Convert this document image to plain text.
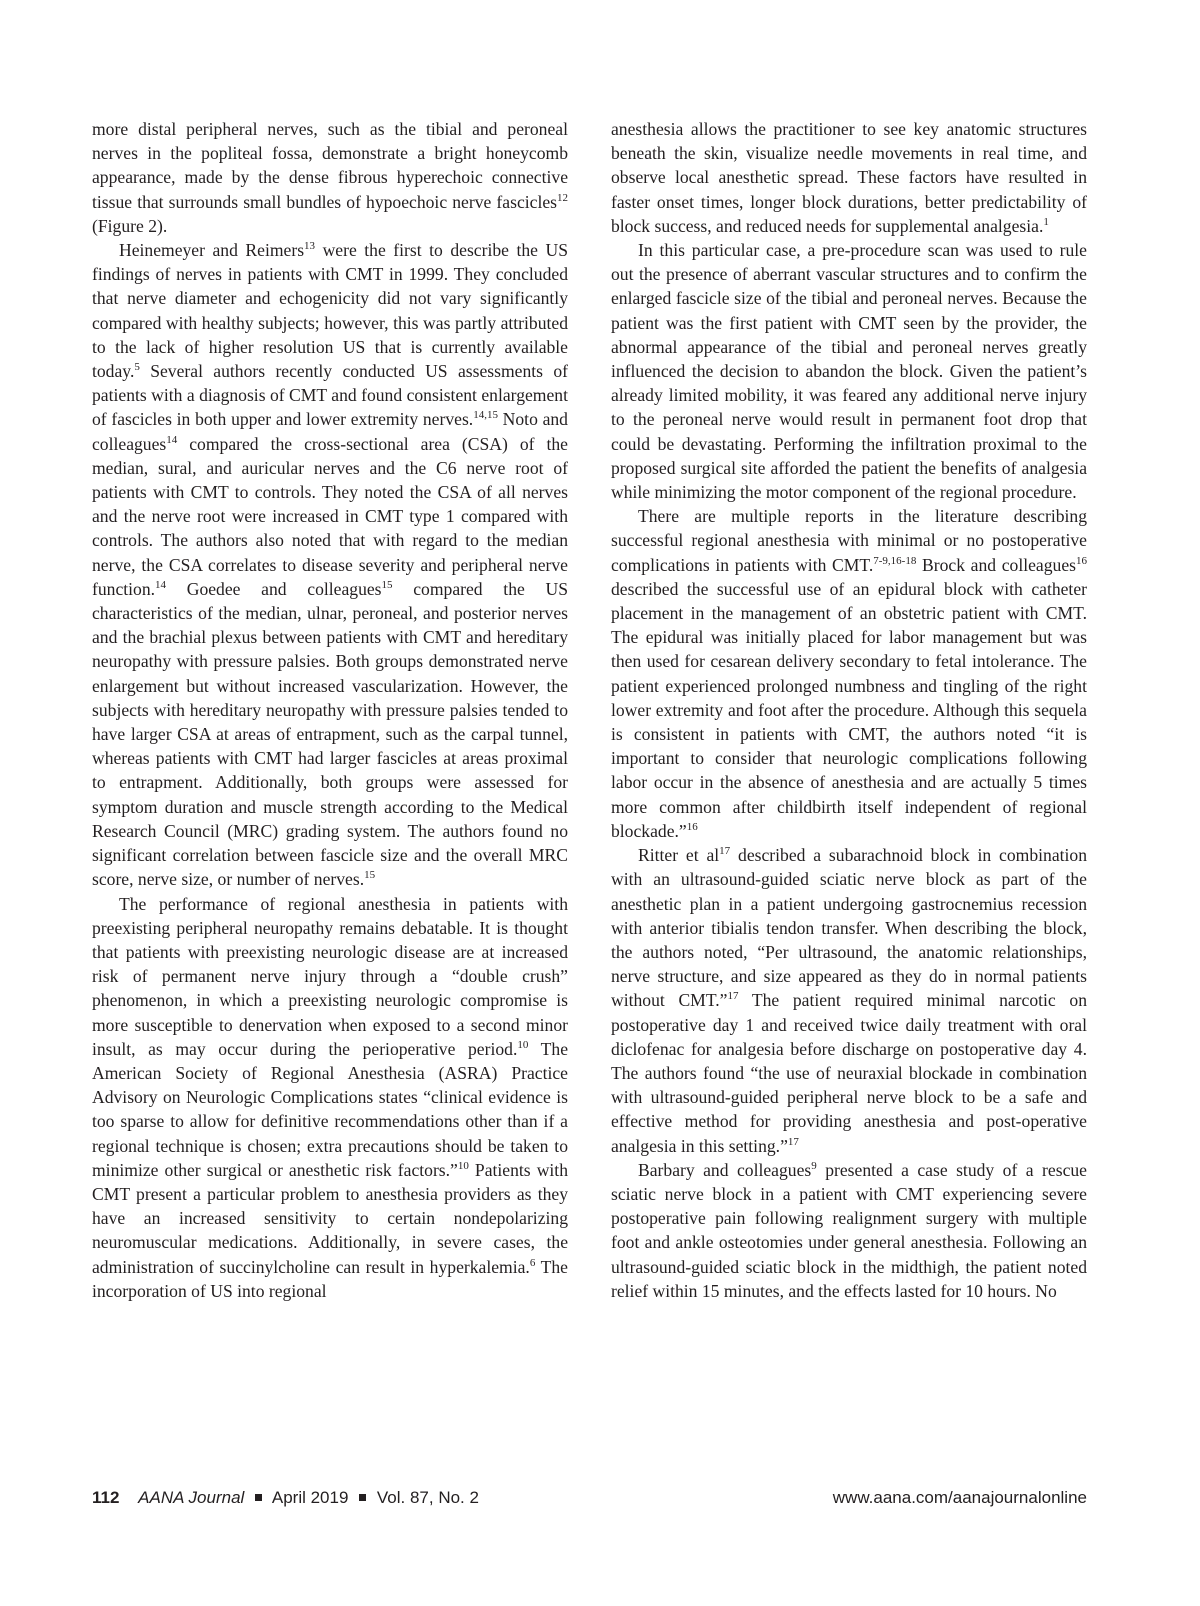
more distal peripheral nerves, such as the tibial and peroneal nerves in the popliteal fossa, demonstrate a bright honeycomb appearance, made by the dense fibrous hyperechoic connective tissue that surrounds small bundles of hypoechoic nerve fascicles$^{12}$ (Figure 2).

Heinemeyer and Reimers$^{13}$ were the first to describe the US findings of nerves in patients with CMT in 1999. They concluded that nerve diameter and echogenicity did not vary significantly compared with healthy subjects; however, this was partly attributed to the lack of higher resolution US that is currently available today.$^5$ Several authors recently conducted US assessments of patients with a diagnosis of CMT and found consistent enlargement of fascicles in both upper and lower extremity nerves.$^{14,15}$ Noto and colleagues$^{14}$ compared the cross-sectional area (CSA) of the median, sural, and auricular nerves and the C6 nerve root of patients with CMT to controls. They noted the CSA of all nerves and the nerve root were increased in CMT type 1 compared with controls. The authors also noted that with regard to the median nerve, the CSA correlates to disease severity and peripheral nerve function.$^{14}$ Goedee and colleagues$^{15}$ compared the US characteristics of the median, ulnar, peroneal, and posterior nerves and the brachial plexus between patients with CMT and hereditary neuropathy with pressure palsies. Both groups demonstrated nerve enlargement but without increased vascularization. However, the subjects with hereditary neuropathy with pressure palsies tended to have larger CSA at areas of entrapment, such as the carpal tunnel, whereas patients with CMT had larger fascicles at areas proximal to entrapment. Additionally, both groups were assessed for symptom duration and muscle strength according to the Medical Research Council (MRC) grading system. The authors found no significant correlation between fascicle size and the overall MRC score, nerve size, or number of nerves.$^{15}$

The performance of regional anesthesia in patients with preexisting peripheral neuropathy remains debatable. It is thought that patients with preexisting neurologic disease are at increased risk of permanent nerve injury through a “double crush” phenomenon, in which a preexisting neurologic compromise is more susceptible to denervation when exposed to a second minor insult, as may occur during the perioperative period.$^{10}$ The American Society of Regional Anesthesia (ASRA) Practice Advisory on Neurologic Complications states “clinical evidence is too sparse to allow for definitive recommendations other than if a regional technique is chosen; extra precautions should be taken to minimize other surgical or anesthetic risk factors.”$^{10}$ Patients with CMT present a particular problem to anesthesia providers as they have an increased sensitivity to certain nondepolarizing neuromuscular medications. Additionally, in severe cases, the administration of succinylcholine can result in hyperkalemia.$^6$ The incorporation of US into regional

anesthesia allows the practitioner to see key anatomic structures beneath the skin, visualize needle movements in real time, and observe local anesthetic spread. These factors have resulted in faster onset times, longer block durations, better predictability of block success, and reduced needs for supplemental analgesia.$^1$

In this particular case, a pre-procedure scan was used to rule out the presence of aberrant vascular structures and to confirm the enlarged fascicle size of the tibial and peroneal nerves. Because the patient was the first patient with CMT seen by the provider, the abnormal appearance of the tibial and peroneal nerves greatly influenced the decision to abandon the block. Given the patient’s already limited mobility, it was feared any additional nerve injury to the peroneal nerve would result in permanent foot drop that could be devastating. Performing the infiltration proximal to the proposed surgical site afforded the patient the benefits of analgesia while minimizing the motor component of the regional procedure.

There are multiple reports in the literature describing successful regional anesthesia with minimal or no postoperative complications in patients with CMT.$^{7-9,16-18}$ Brock and colleagues$^{16}$ described the successful use of an epidural block with catheter placement in the management of an obstetric patient with CMT. The epidural was initially placed for labor management but was then used for cesarean delivery secondary to fetal intolerance. The patient experienced prolonged numbness and tingling of the right lower extremity and foot after the procedure. Although this sequela is consistent in patients with CMT, the authors noted “it is important to consider that neurologic complications following labor occur in the absence of anesthesia and are actually 5 times more common after childbirth itself independent of regional blockade.”$^{16}$

Ritter et al$^{17}$ described a subarachnoid block in combination with an ultrasound-guided sciatic nerve block as part of the anesthetic plan in a patient undergoing gastrocnemius recession with anterior tibialis tendon transfer. When describing the block, the authors noted, “Per ultrasound, the anatomic relationships, nerve structure, and size appeared as they do in normal patients without CMT.”$^{17}$ The patient required minimal narcotic on postoperative day 1 and received twice daily treatment with oral diclofenac for analgesia before discharge on postoperative day 4. The authors found “the use of neuraxial blockade in combination with ultrasound-guided peripheral nerve block to be a safe and effective method for providing anesthesia and post-operative analgesia in this setting.”$^{17}$

Barbary and colleagues$^9$ presented a case study of a rescue sciatic nerve block in a patient with CMT experiencing severe postoperative pain following realignment surgery with multiple foot and ankle osteotomies under general anesthesia. Following an ultrasound-guided sciatic block in the midthigh, the patient noted relief within 15 minutes, and the effects lasted for 10 hours. No

112 AANA Journal April 2019 Vol. 87, No. 2	www.aana.com/aanajournalonline
